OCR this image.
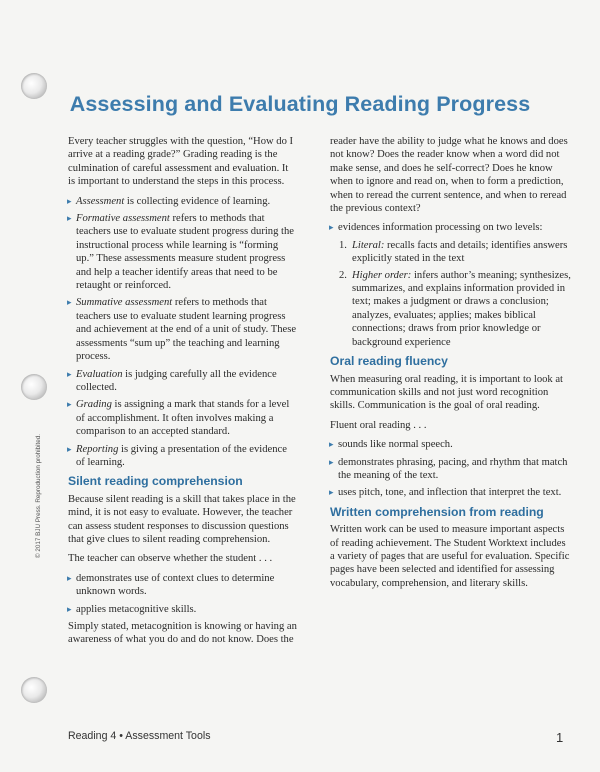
Assessing and Evaluating Reading Progress

Every teacher struggles with the question, “How do I arrive at a reading grade?” Grading reading is the culmination of careful assessment and evaluation. It is important to understand the steps in this process.

▸ Assessment is collecting evidence of learning.
▸ Formative assessment refers to methods that teachers use to evaluate student progress during the instructional process while learning is “forming up.” These assessments measure student progress and help a teacher identify areas that need to be retaught or reinforced.
▸ Summative assessment refers to methods that teachers use to evaluate student learning progress and achievement at the end of a unit of study. These assessments “sum up” the teaching and learning process.
▸ Evaluation is judging carefully all the evidence collected.
▸ Grading is assigning a mark that stands for a level of accomplishment. It often involves making a comparison to an accepted standard.
▸ Reporting is giving a presentation of the evidence of learning.
Silent reading comprehension

Because silent reading is a skill that takes place in the mind, it is not easy to evaluate. However, the teacher can assess student responses to discussion questions that give clues to silent reading comprehension.

The teacher can observe whether the student . . .

▸ demonstrates use of context clues to determine unknown words.
▸ applies metacognitive skills.

Simply stated, metacognition is knowing or having an awareness of what you do and do not know. Does the

reader have the ability to judge what he knows and does not know? Does the reader know when a word did not make sense, and does he self-correct? Does he know when to ignore and read on, when to form a prediction, when to reread the current sentence, and when to reread the previous context?

▸ evidences information processing on two levels:
1. Literal: recalls facts and details; identifies answers explicitly stated in the text
2. Higher order: infers author’s meaning; synthesizes, summarizes, and explains information provided in text; makes a judgment or draws a conclusion; analyzes, evaluates; applies; makes biblical connections; draws from prior knowledge or background experience
Oral reading fluency

When measuring oral reading, it is important to look at communication skills and not just word recognition skills. Communication is the goal of oral reading.

Fluent oral reading . . .

▸ sounds like normal speech.
▸ demonstrates phrasing, pacing, and rhythm that match the meaning of the text.
▸ uses pitch, tone, and inflection that interpret the text.
Written comprehension from reading

Written work can be used to measure important aspects of reading achievement. The Student Worktext includes a variety of pages that are useful for evaluation. Specific pages have been selected and identified for assessing vocabulary, comprehension, and literary skills.

© 2017 BJU Press. Reproduction prohibited.
Reading 4 • Assessment Tools	1
